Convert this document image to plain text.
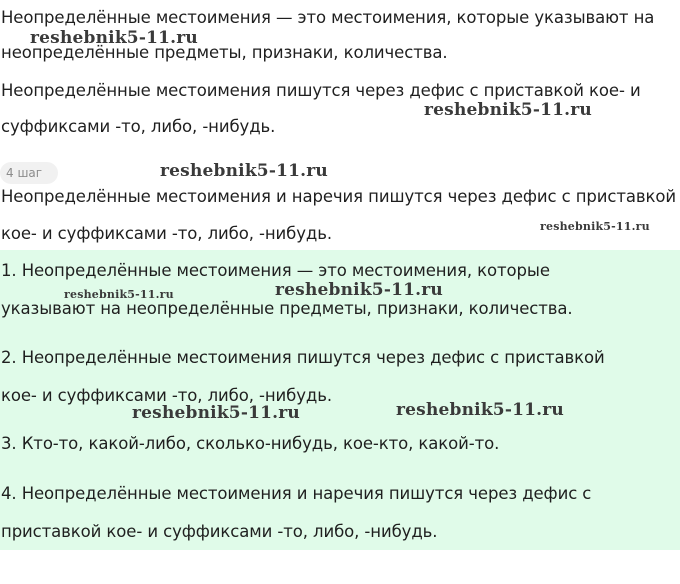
Неопределённые местоимения — это местоимения, которые указывают на
неопределённые предметы, признаки, количества.
Неопределённые местоимения пишутся через дефис с приставкой кое- и
суффиксами -то, либо, -нибудь.
4 шаг
Неопределённые местоимения и наречия пишутся через дефис с приставкой
кое- и суффиксами -то, либо, -нибудь.
1. Неопределённые местоимения — это местоимения, которые
указывают на неопределённые предметы, признаки, количества.
2. Неопределённые местоимения пишутся через дефис с приставкой
кое- и суффиксами -то, либо, -нибудь.
3. Кто-то, какой-либо, сколько-нибудь, кое-кто, какой-то.
4. Неопределённые местоимения и наречия пишутся через дефис с
приставкой кое- и суффиксами -то, либо, -нибудь.
reshebnik5-11.ru
reshebnik5-11.ru
reshebnik5-11.ru
reshebnik5-11.ru
reshebnik5-11.ru	reshebnik5-11.ru
reshebnik5-11.ru	reshebnik5-11.ru
